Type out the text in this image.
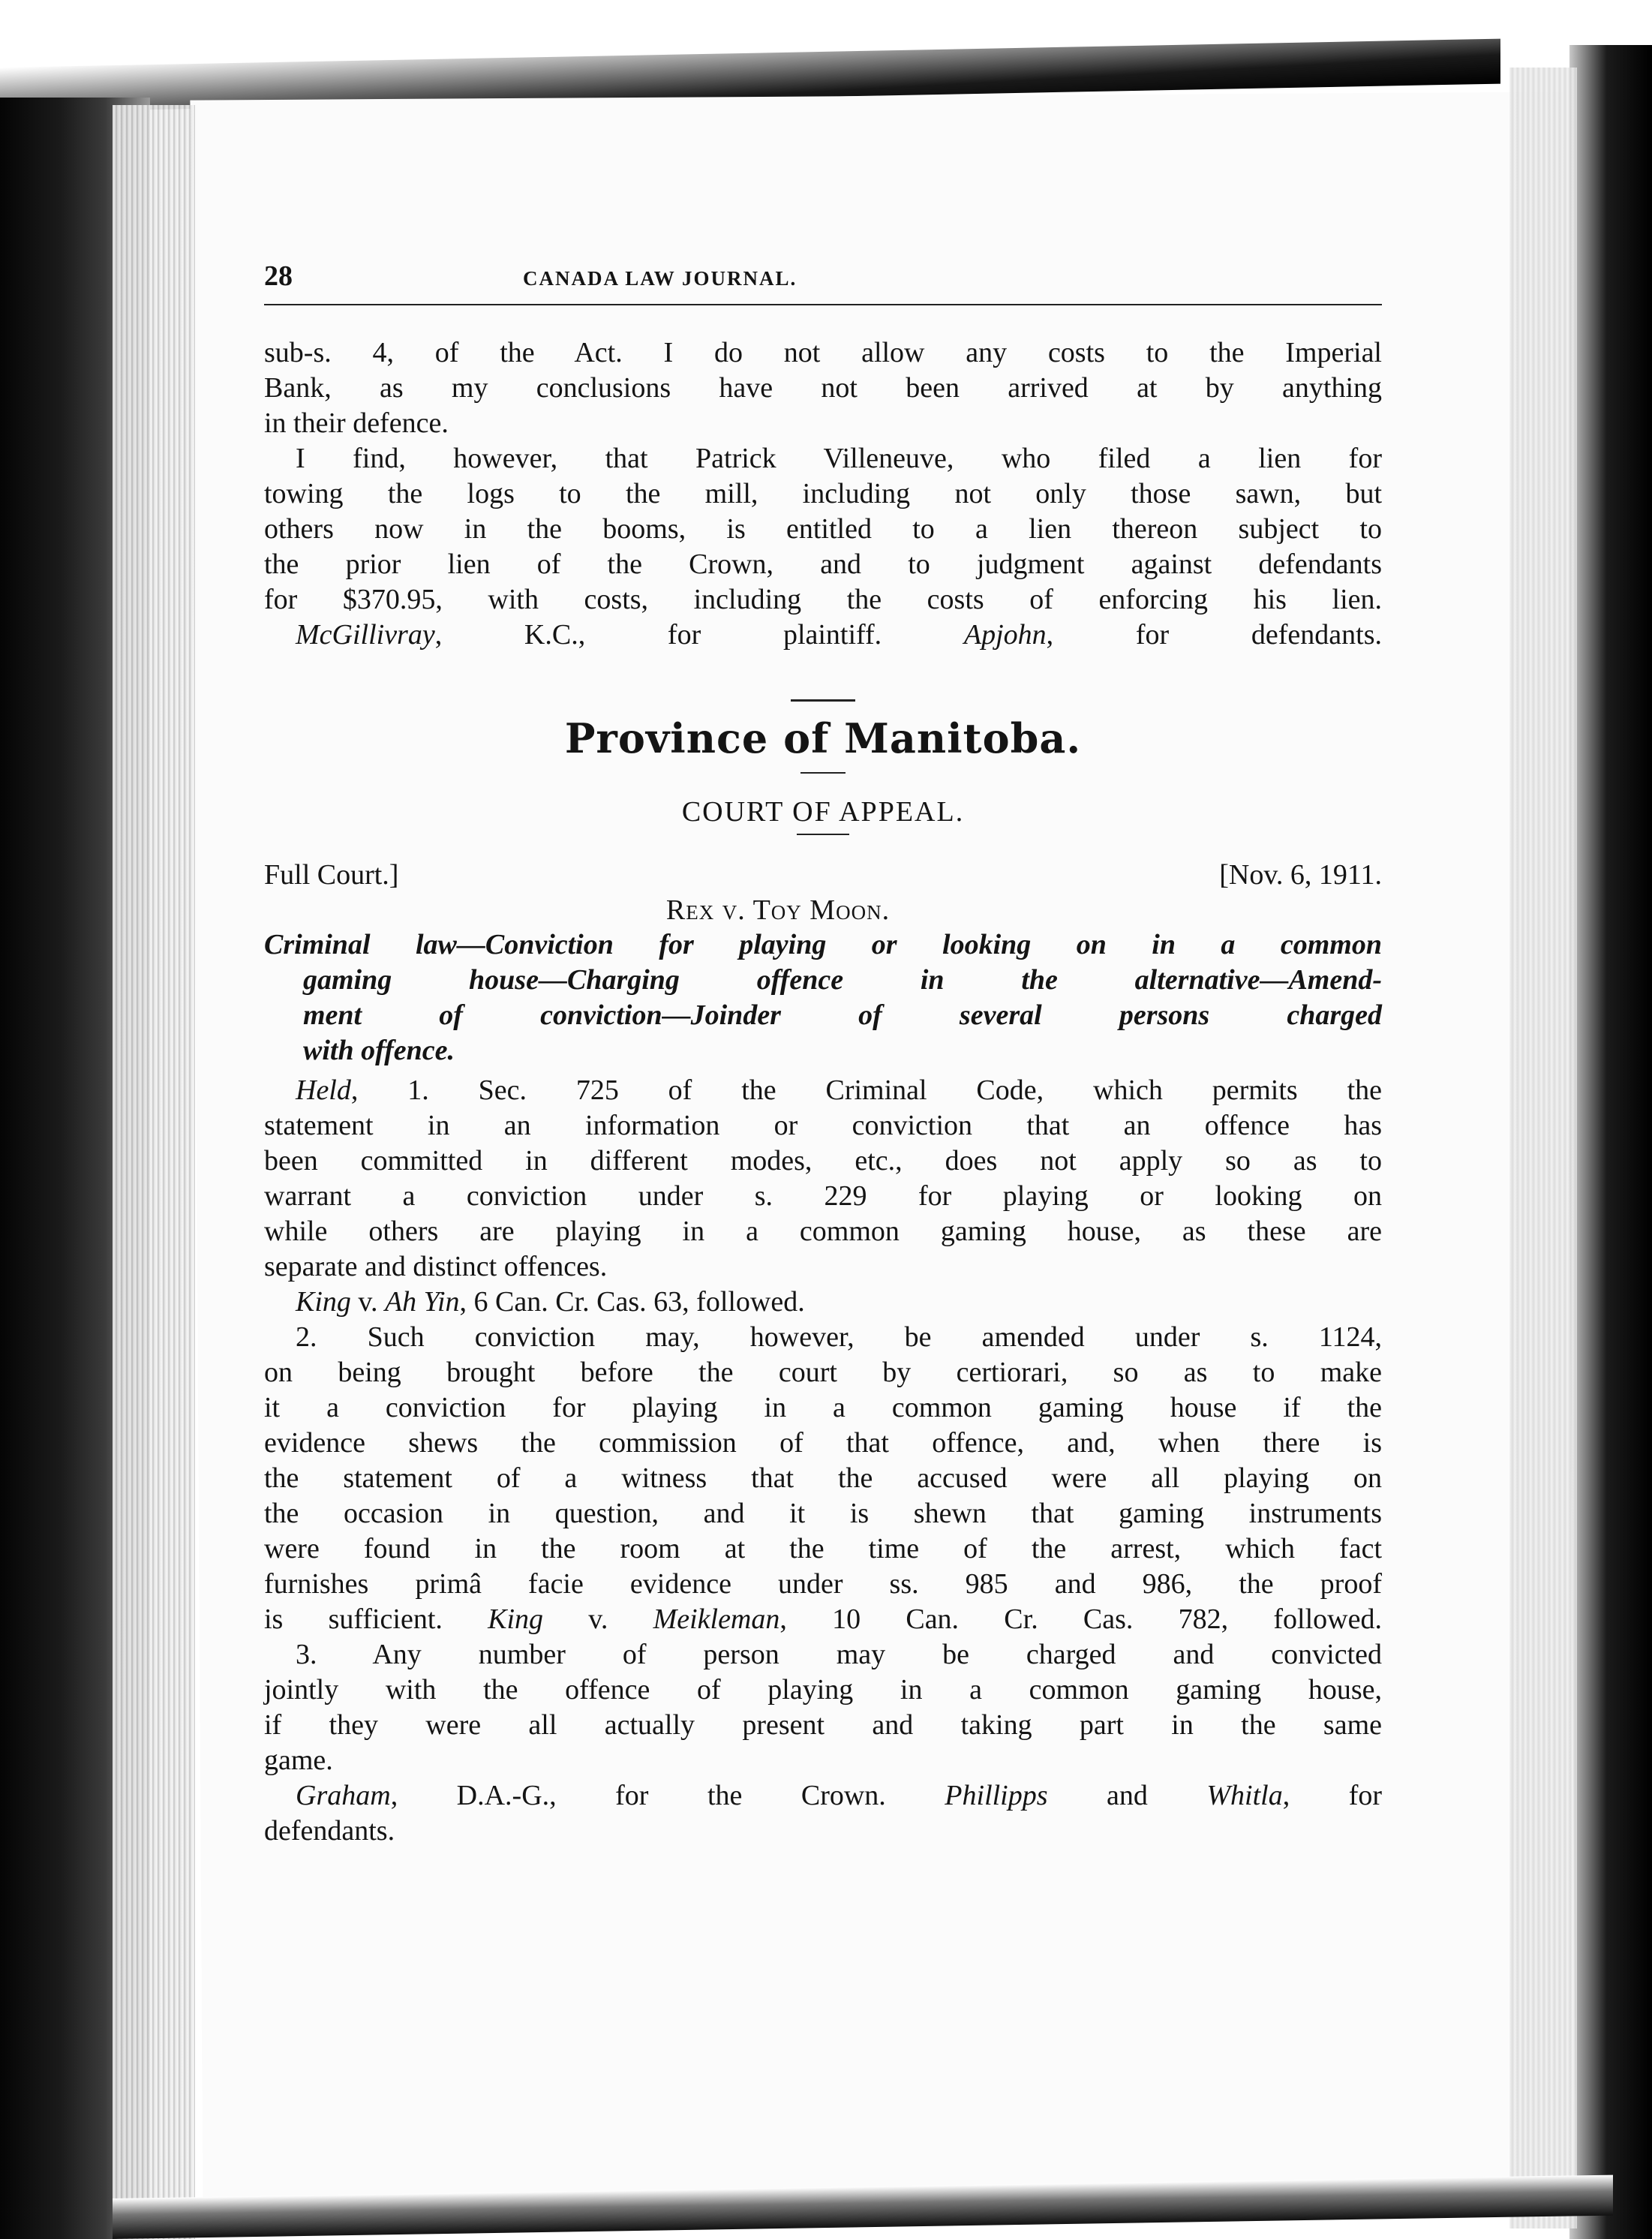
28	CANADA LAW JOURNAL.
sub-s. 4, of the Act. I do not allow any costs to the Imperial
Bank, as my conclusions have not been arrived at by anything
in their defence.
I find, however, that Patrick Villeneuve, who filed a lien for
towing the logs to the mill, including not only those sawn, but
others now in the booms, is entitled to a lien thereon subject to
the prior lien of the Crown, and to judgment against defendants
for $370.95, with costs, including the costs of enforcing his lien.
McGillivray, K.C., for plaintiff.	Apjohn, for defendants.
Province of Manitoba.
COURT OF APPEAL.
Full Court.]	[Nov. 6, 1911.
Rex v. Toy Moon.
Criminal law—Conviction for playing or looking on in a common
gaming house—Charging offence in the alternative—Amend-
ment of conviction—Joinder of several persons charged
with offence.
Held, 1. Sec. 725 of the Criminal Code, which permits the
statement in an information or conviction that an offence has
been committed in different modes, etc., does not apply so as to
warrant a conviction under s. 229 for playing or looking on
while others are playing in a common gaming house, as these are
separate and distinct offences.
King v. Ah Yin, 6 Can. Cr. Cas. 63, followed.
2. Such conviction may, however, be amended under s. 1124,
on being brought before the court by certiorari, so as to make
it a conviction for playing in a common gaming house if the
evidence shews the commission of that offence, and, when there is
the statement of a witness that the accused were all playing on
the occasion in question, and it is shewn that gaming instruments
were found in the room at the time of the arrest, which fact
furnishes primâ facie evidence under ss. 985 and 986, the proof
is sufficient. King v. Meikleman, 10 Can. Cr. Cas. 782, followed.
3. Any number of person may be charged and convicted
jointly with the offence of playing in a common gaming house,
if they were all actually present and taking part in the same
game.
Graham, D.A.-G., for the Crown. Phillipps and Whitla, for
defendants.
